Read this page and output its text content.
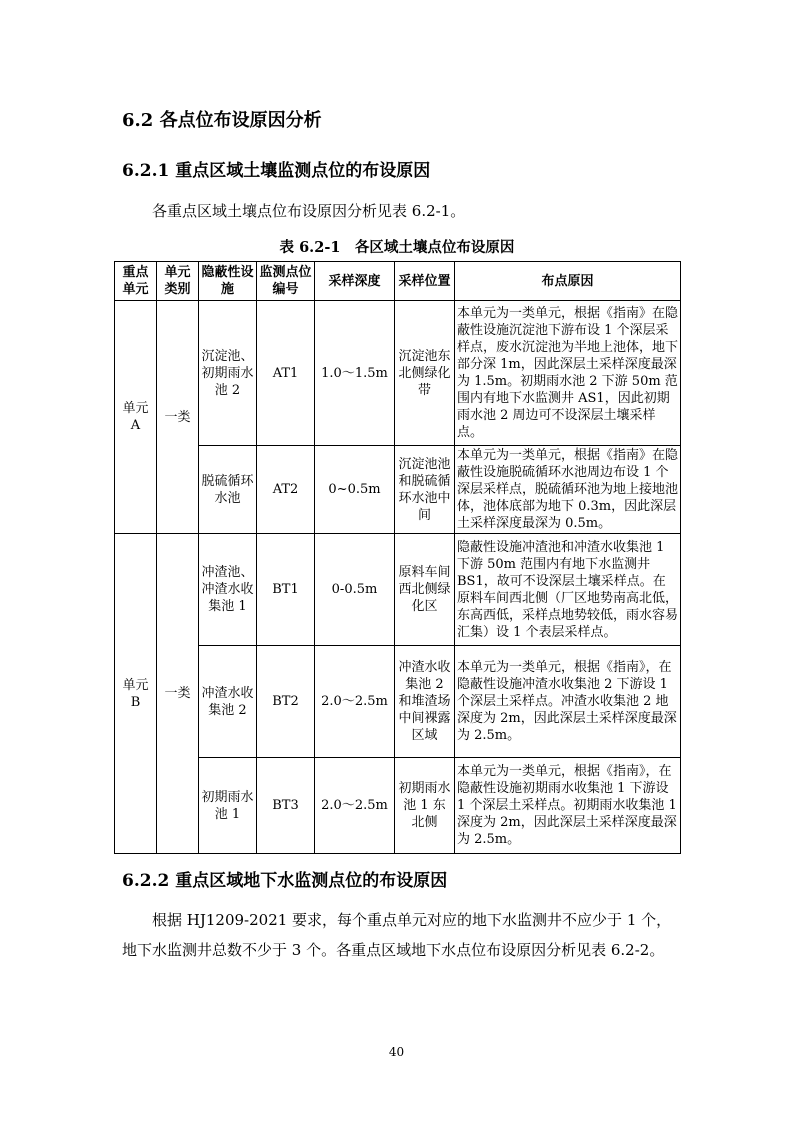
6.2 各点位布设原因分析
6.2.1 重点区域土壤监测点位的布设原因

各重点区域土壤点位布设原因分析见表 6.2-1。

表 6.2-1　各区域土壤点位布设原因

重点单元	单元类别	隐蔽性设施	监测点位编号	采样深度	采样位置	布点原因
单元 A	一类	沉淀池、初期雨水池 2	AT1	1.0～1.5m	沉淀池东北侧绿化带	本单元为一类单元，根据《指南》在隐蔽性设施沉淀池下游布设 1 个深层采样点，废水沉淀池为半地上池体，地下部分深 1m，因此深层土采样深度最深为 1.5m。初期雨水池 2 下游 50m 范围内有地下水监测井 AS1，因此初期雨水池 2 周边可不设深层土壤采样点。
		脱硫循环水池	AT2	0~0.5m	沉淀池池和脱硫循环水池中间	本单元为一类单元，根据《指南》在隐蔽性设施脱硫循环水池周边布设 1 个深层采样点，脱硫循环池为地上接地池体，池体底部为地下 0.3m，因此深层土采样深度最深为 0.5m。
单元 B	一类	冲渣池、冲渣水收集池 1	BT1	0-0.5m	原料车间西北侧绿化区	隐蔽性设施冲渣池和冲渣水收集池 1 下游 50m 范围内有地下水监测井 BS1，故可不设深层土壤采样点。在原料车间西北侧（厂区地势南高北低，东高西低，采样点地势较低，雨水容易汇集）设 1 个表层采样点。
		冲渣水收集池 2	BT2	2.0～2.5m	冲渣水收集池 2 和堆渣场中间裸露区域	本单元为一类单元，根据《指南》，在隐蔽性设施冲渣水收集池 2 下游设 1 个深层土采样点。冲渣水收集池 2 地深度为 2m，因此深层土采样深度最深为 2.5m。
		初期雨水池 1	BT3	2.0～2.5m	初期雨水池 1 东北侧	本单元为一类单元，根据《指南》，在隐蔽性设施初期雨水收集池 1 下游设 1 个深层土采样点。初期雨水收集池 1 深度为 2m，因此深层土采样深度最深为 2.5m。
6.2.2 重点区域地下水监测点位的布设原因

根据 HJ1209-2021 要求，每个重点单元对应的地下水监测井不应少于 1 个，地下水监测井总数不少于 3 个。各重点区域地下水点位布设原因分析见表 6.2-2。

40
